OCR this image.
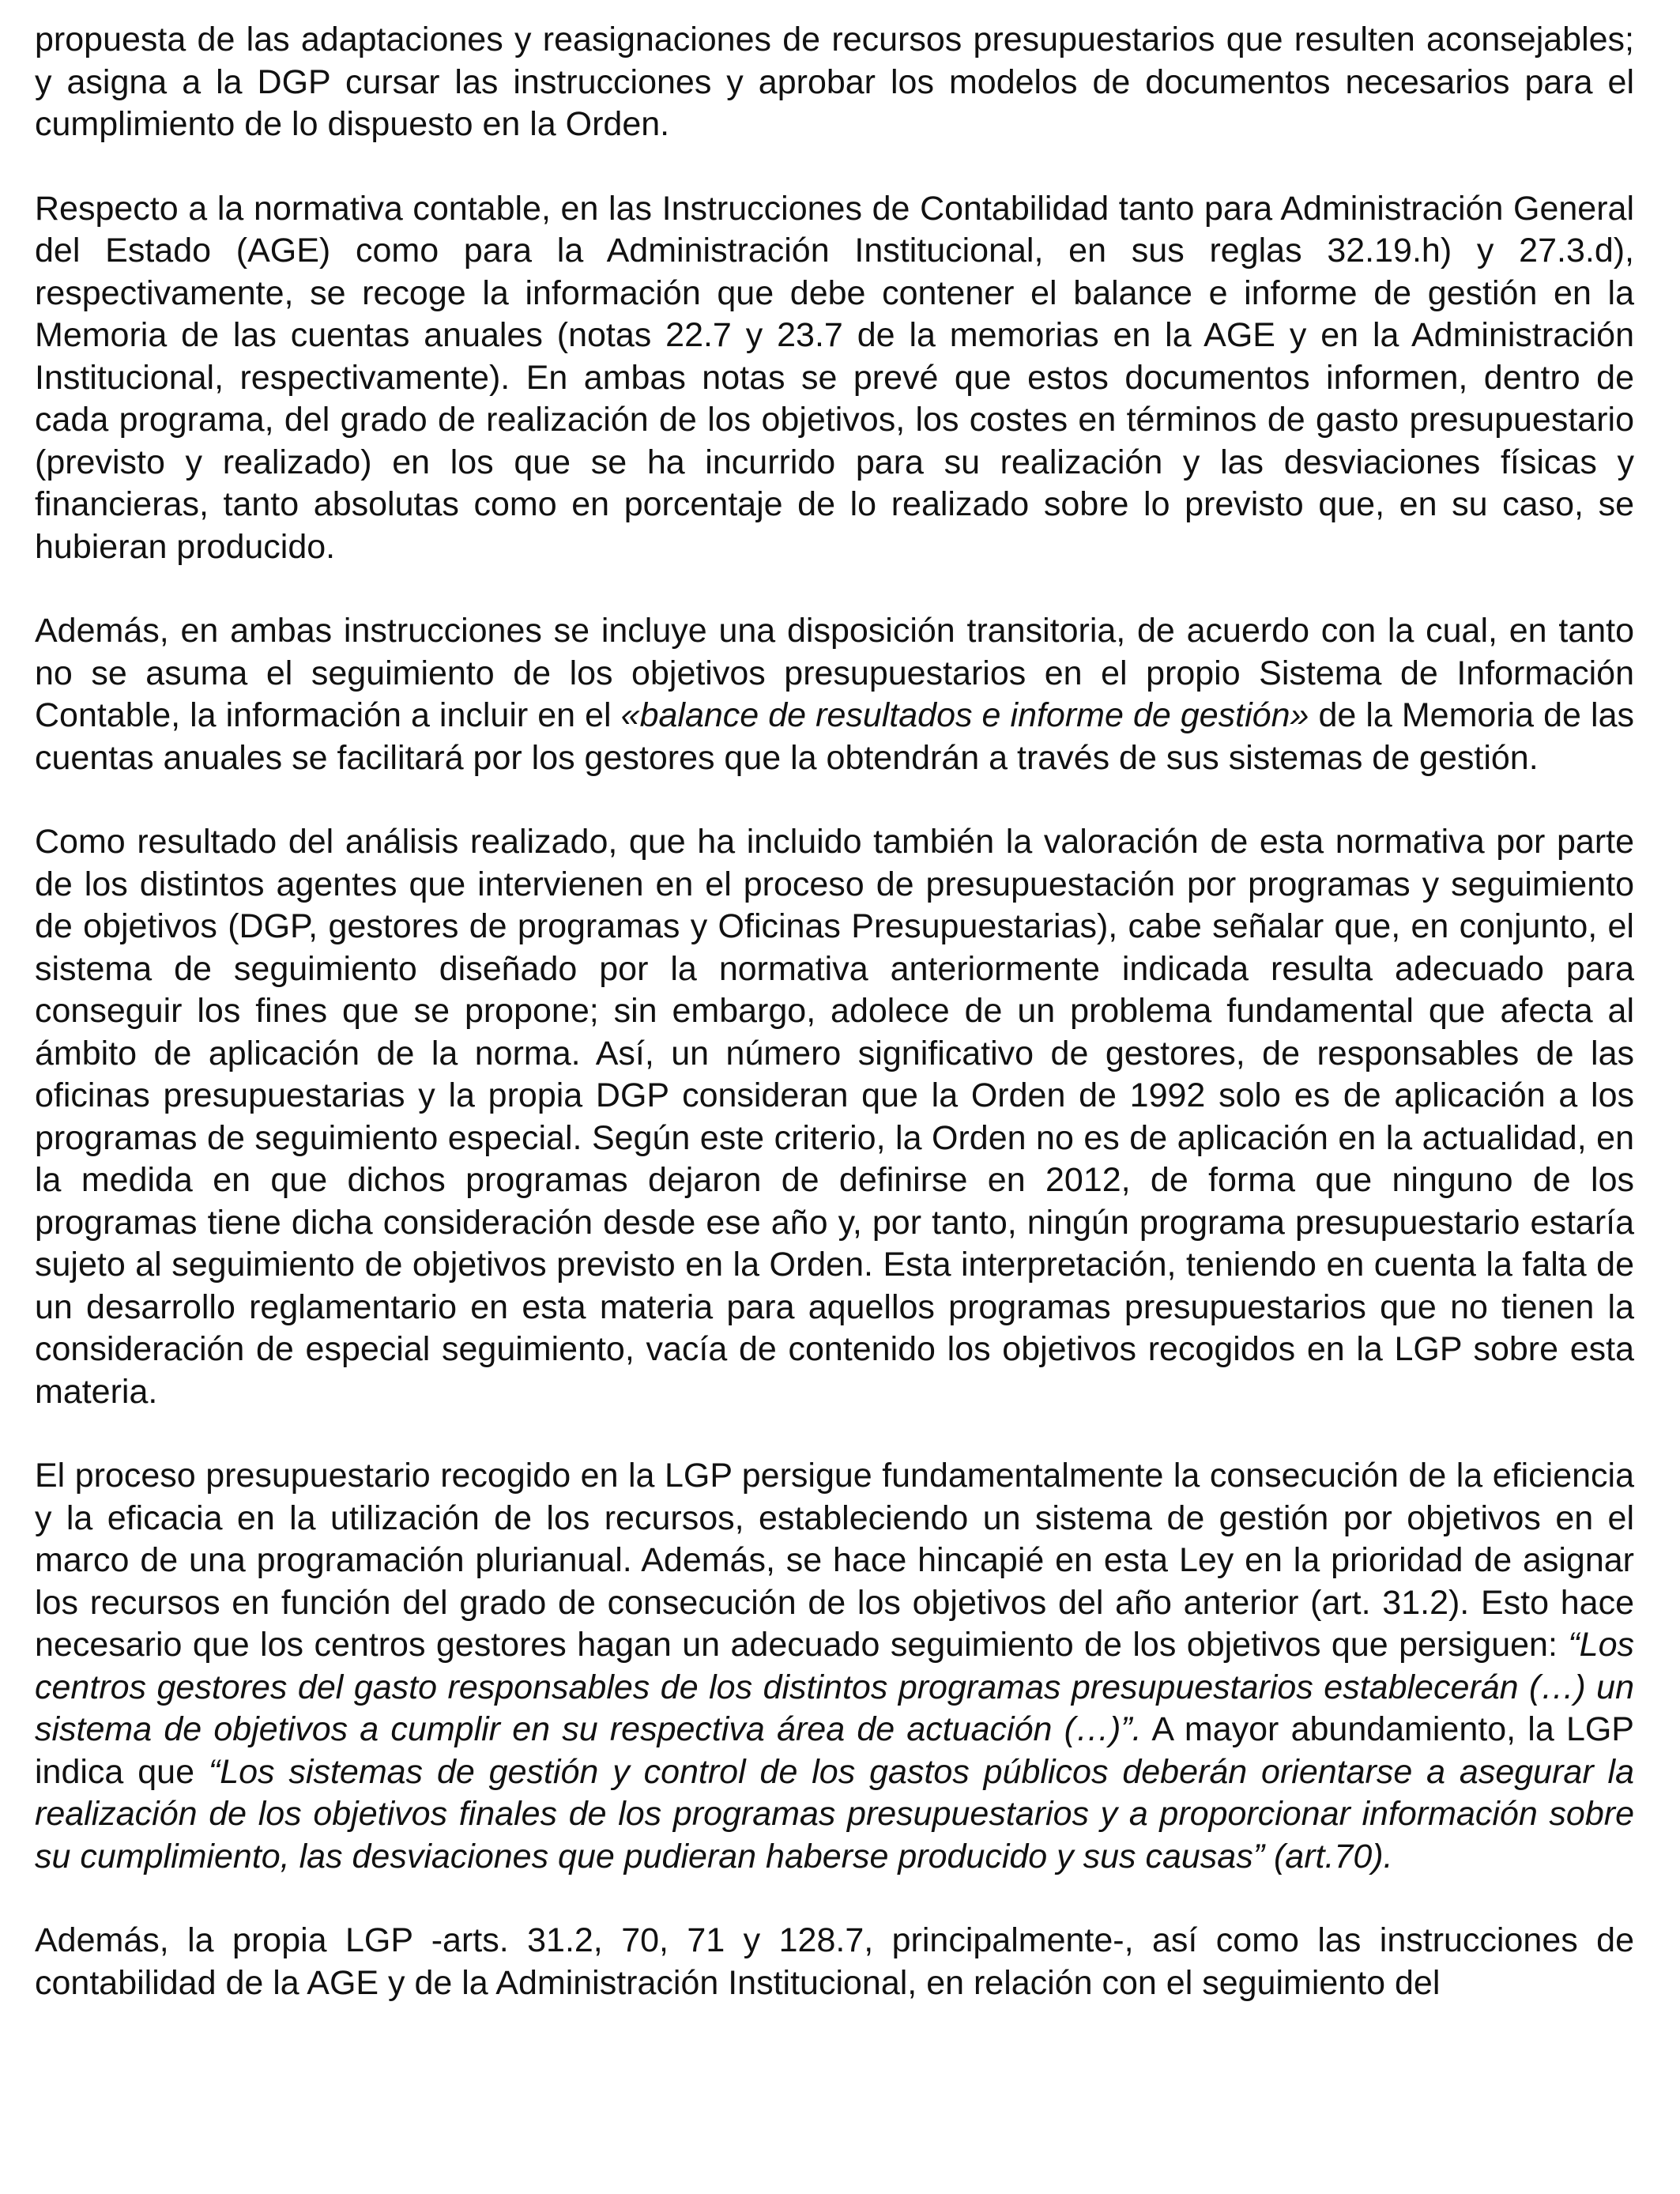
propuesta de las adaptaciones y reasignaciones de recursos presupuestarios que resulten aconsejables; y asigna a la DGP cursar las instrucciones y aprobar los modelos de documentos necesarios para el cumplimiento de lo dispuesto en la Orden.

Respecto a la normativa contable, en las Instrucciones de Contabilidad tanto para Administración General del Estado (AGE) como para la Administración Institucional, en sus reglas 32.19.h) y 27.3.d), respectivamente, se recoge la información que debe contener el balance e informe de gestión en la Memoria de las cuentas anuales (notas 22.7 y 23.7 de la memorias en la AGE y en la Administración Institucional, respectivamente). En ambas notas se prevé que estos documentos informen, dentro de cada programa, del grado de realización de los objetivos, los costes en términos de gasto presupuestario (previsto y realizado) en los que se ha incurrido para su realización y las desviaciones físicas y financieras, tanto absolutas como en porcentaje de lo realizado sobre lo previsto que, en su caso, se hubieran producido.

Además, en ambas instrucciones se incluye una disposición transitoria, de acuerdo con la cual, en tanto no se asuma el seguimiento de los objetivos presupuestarios en el propio Sistema de Información Contable, la información a incluir en el «balance de resultados e informe de gestión» de la Memoria de las cuentas anuales se facilitará por los gestores que la obtendrán a través de sus sistemas de gestión.

Como resultado del análisis realizado, que ha incluido también la valoración de esta normativa por parte de los distintos agentes que intervienen en el proceso de presupuestación por programas y seguimiento de objetivos (DGP, gestores de programas y Oficinas Presupuestarias), cabe señalar que, en conjunto, el sistema de seguimiento diseñado por la normativa anteriormente indicada resulta adecuado para conseguir los fines que se propone; sin embargo, adolece de un problema fundamental que afecta al ámbito de aplicación de la norma. Así, un número significativo de gestores, de responsables de las oficinas presupuestarias y la propia DGP consideran que la Orden de 1992 solo es de aplicación a los programas de seguimiento especial. Según este criterio, la Orden no es de aplicación en la actualidad, en la medida en que dichos programas dejaron de definirse en 2012, de forma que ninguno de los programas tiene dicha consideración desde ese año y, por tanto, ningún programa presupuestario estaría sujeto al seguimiento de objetivos previsto en la Orden. Esta interpretación, teniendo en cuenta la falta de un desarrollo reglamentario en esta materia para aquellos programas presupuestarios que no tienen la consideración de especial seguimiento, vacía de contenido los objetivos recogidos en la LGP sobre esta materia.

El proceso presupuestario recogido en la LGP persigue fundamentalmente la consecución de la eficiencia y la eficacia en la utilización de los recursos, estableciendo un sistema de gestión por objetivos en el marco de una programación plurianual. Además, se hace hincapié en esta Ley en la prioridad de asignar los recursos en función del grado de consecución de los objetivos del año anterior (art. 31.2). Esto hace necesario que los centros gestores hagan un adecuado seguimiento de los objetivos que persiguen: “Los centros gestores del gasto responsables de los distintos programas presupuestarios establecerán (…) un sistema de objetivos a cumplir en su respectiva área de actuación (…)”. A mayor abundamiento, la LGP indica que “Los sistemas de gestión y control de los gastos públicos deberán orientarse a asegurar la realización de los objetivos finales de los programas presupuestarios y a proporcionar información sobre su cumplimiento, las desviaciones que pudieran haberse producido y sus causas” (art.70).

Además, la propia LGP -arts. 31.2, 70, 71 y 128.7, principalmente-, así como las instrucciones de contabilidad de la AGE y de la Administración Institucional, en relación con el seguimiento del
